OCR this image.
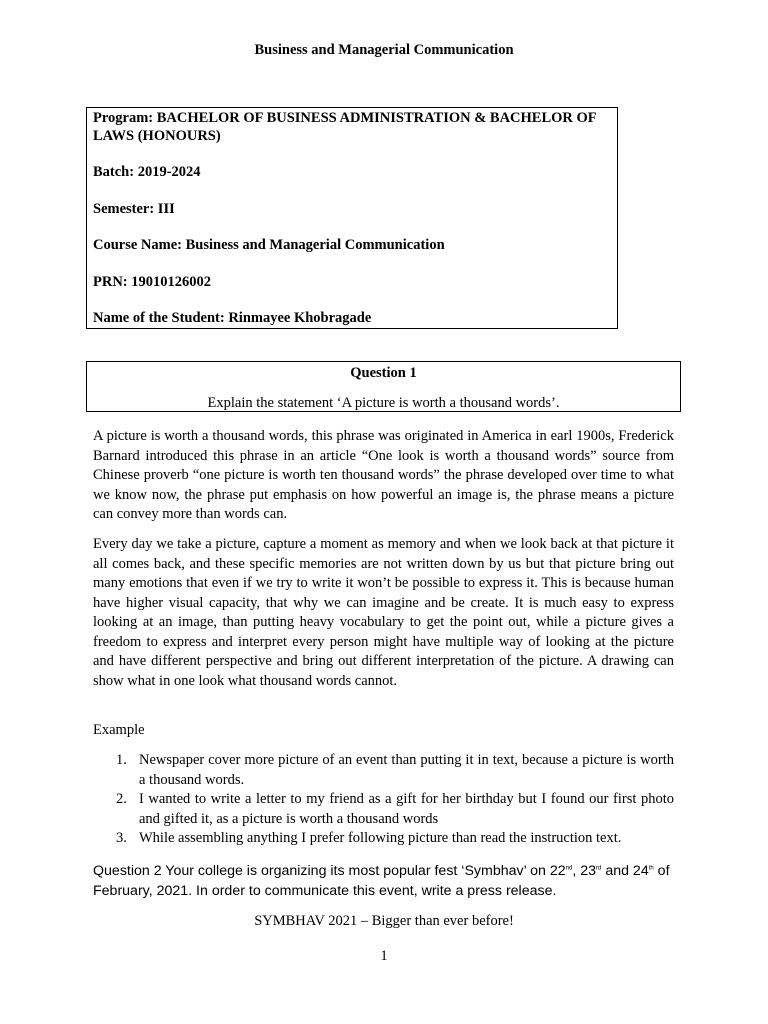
Business and Managerial Communication

Program: BACHELOR OF BUSINESS ADMINISTRATION & BACHELOR OF LAWS (HONOURS)

Batch: 2019-2024

Semester: III

Course Name: Business and Managerial Communication

PRN: 19010126002

Name of the Student: Rinmayee Khobragade

Question 1
Explain the statement ‘A picture is worth a thousand words’.

A picture is worth a thousand words, this phrase was originated in America in earl 1900s, Frederick Barnard introduced this phrase in an article “One look is worth a thousand words” source from Chinese proverb “one picture is worth ten thousand words” the phrase developed over time to what we know now, the phrase put emphasis on how powerful an image is, the phrase means a picture can convey more than words can.

Every day we take a picture, capture a moment as memory and when we look back at that picture it all comes back, and these specific memories are not written down by us but that picture bring out many emotions that even if we try to write it won’t be possible to express it. This is because human have higher visual capacity, that why we can imagine and be create. It is much easy to express looking at an image, than putting heavy vocabulary to get the point out, while a picture gives a freedom to express and interpret every person might have multiple way of looking at the picture and have different perspective and bring out different interpretation of the picture. A drawing can show what in one look what thousand words cannot.

Example
1. Newspaper cover more picture of an event than putting it in text, because a picture is worth a thousand words.
2. I wanted to write a letter to my friend as a gift for her birthday but I found our first photo and gifted it, as a picture is worth a thousand words
3. While assembling anything I prefer following picture than read the instruction text.
Question 2 Your college is organizing its most popular fest ‘Symbhav’ on 22nd, 23rd and 24th of February, 2021. In order to communicate this event, write a press release.
SYMBHAV 2021 – Bigger than ever before!
1
